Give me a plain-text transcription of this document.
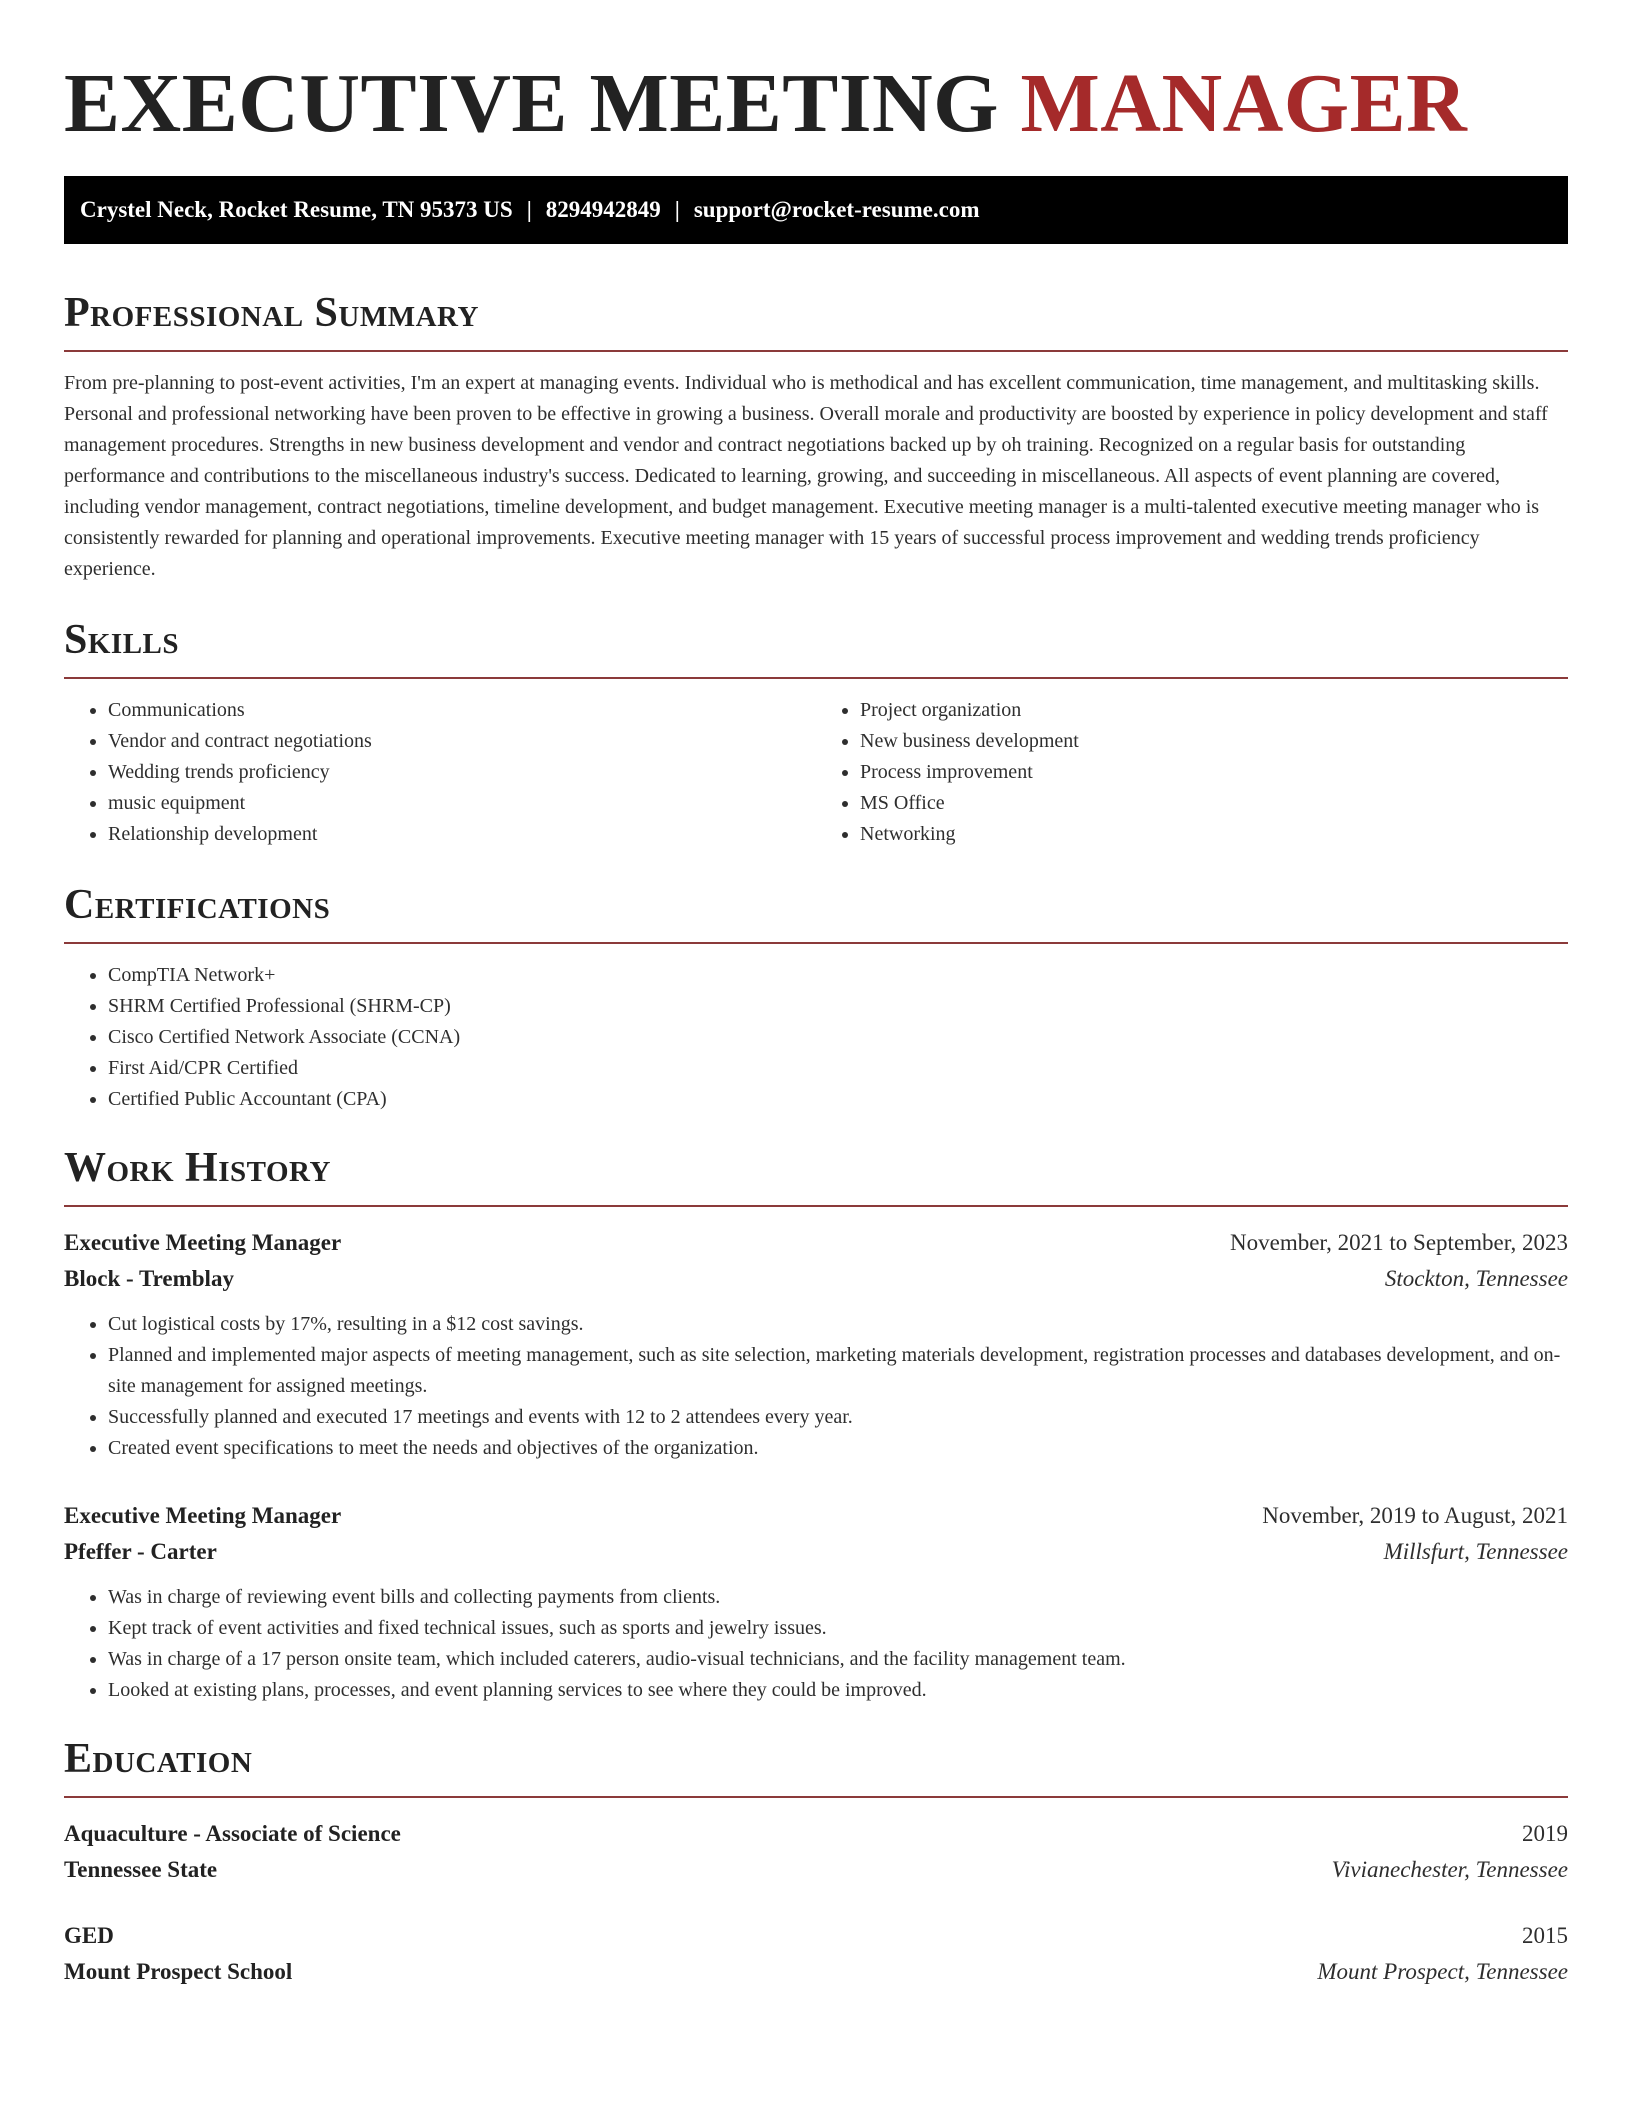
EXECUTIVE MEETING MANAGER
Crystel Neck, Rocket Resume, TN 95373 US | 8294942849 | support@rocket-resume.com
Professional Summary

From pre-planning to post-event activities, I'm an expert at managing events. Individual who is methodical and has excellent communication, time management, and multitasking skills. Personal and professional networking have been proven to be effective in growing a business. Overall morale and productivity are boosted by experience in policy development and staff management procedures. Strengths in new business development and vendor and contract negotiations backed up by oh training. Recognized on a regular basis for outstanding performance and contributions to the miscellaneous industry's success. Dedicated to learning, growing, and succeeding in miscellaneous. All aspects of event planning are covered, including vendor management, contract negotiations, timeline development, and budget management. Executive meeting manager is a multi-talented executive meeting manager who is consistently rewarded for planning and operational improvements. Executive meeting manager with 15 years of successful process improvement and wedding trends proficiency experience.

Skills
• Communications
• Vendor and contract negotiations
• Wedding trends proficiency
• music equipment
• Relationship development
• Project organization
• New business development
• Process improvement
• MS Office
• Networking
Certifications
• CompTIA Network+
• SHRM Certified Professional (SHRM-CP)
• Cisco Certified Network Associate (CCNA)
• First Aid/CPR Certified
• Certified Public Accountant (CPA)
Work History
Executive Meeting Manager	November, 2021 to September, 2023
Block - Tremblay	Stockton, Tennessee
• Cut logistical costs by 17%, resulting in a $12 cost savings.
• Planned and implemented major aspects of meeting management, such as site selection, marketing materials development, registration processes and databases development, and on-site management for assigned meetings.
• Successfully planned and executed 17 meetings and events with 12 to 2 attendees every year.
• Created event specifications to meet the needs and objectives of the organization.
Executive Meeting Manager	November, 2019 to August, 2021
Pfeffer - Carter	Millsfurt, Tennessee
• Was in charge of reviewing event bills and collecting payments from clients.
• Kept track of event activities and fixed technical issues, such as sports and jewelry issues.
• Was in charge of a 17 person onsite team, which included caterers, audio-visual technicians, and the facility management team.
• Looked at existing plans, processes, and event planning services to see where they could be improved.
Education
Aquaculture - Associate of Science	2019
Tennessee State	Vivianechester, Tennessee
GED	2015
Mount Prospect School	Mount Prospect, Tennessee
